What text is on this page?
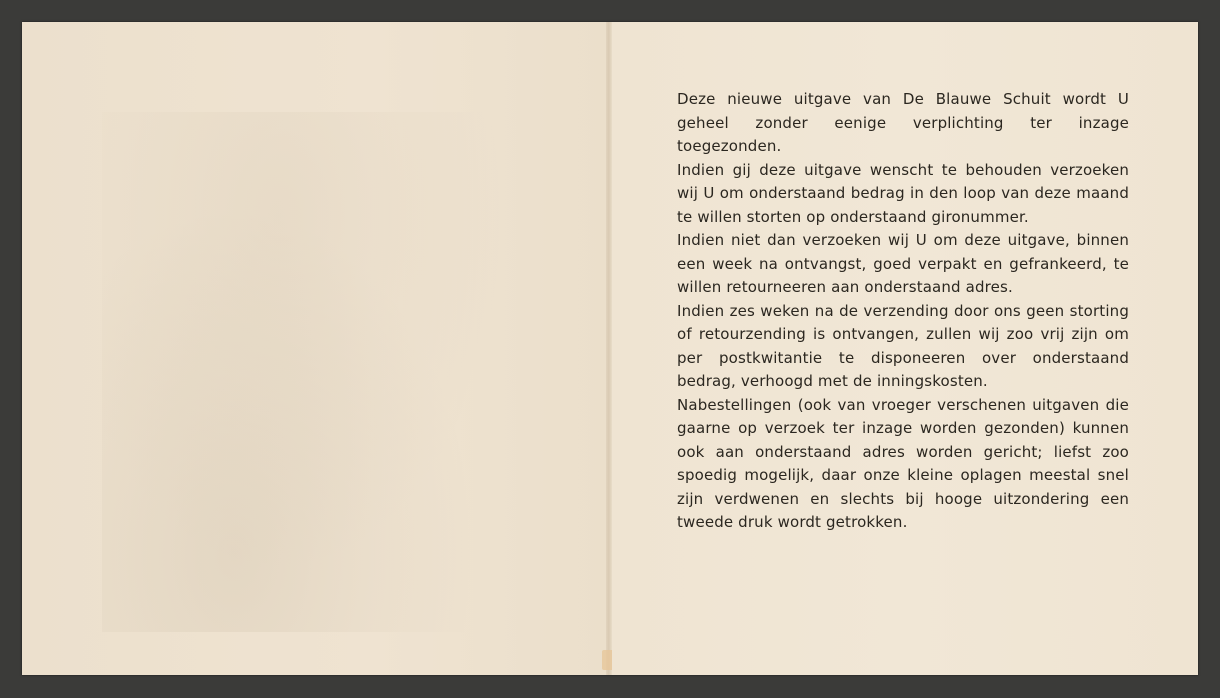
Deze nieuwe uitgave van De Blauwe Schuit wordt U geheel zonder eenige verplichting ter inzage toegezonden.

Indien gij deze uitgave wenscht te behouden verzoeken wij U om onderstaand bedrag in den loop van deze maand te willen storten op onderstaand gironummer.

Indien niet dan verzoeken wij U om deze uitgave, binnen een week na ontvangst, goed verpakt en gefrankeerd, te willen retourneeren aan onderstaand adres.

Indien zes weken na de verzending door ons geen storting of retourzending is ontvangen, zullen wij zoo vrij zijn om per postkwitantie te disponeeren over onderstaand bedrag, verhoogd met de inningskosten.

Nabestellingen (ook van vroeger verschenen uitgaven die gaarne op verzoek ter inzage worden gezonden) kunnen ook aan onderstaand adres worden gericht; liefst zoo spoedig mogelijk, daar onze kleine oplagen meestal snel zijn verdwenen en slechts bij hooge uitzondering een tweede druk wordt getrokken.
